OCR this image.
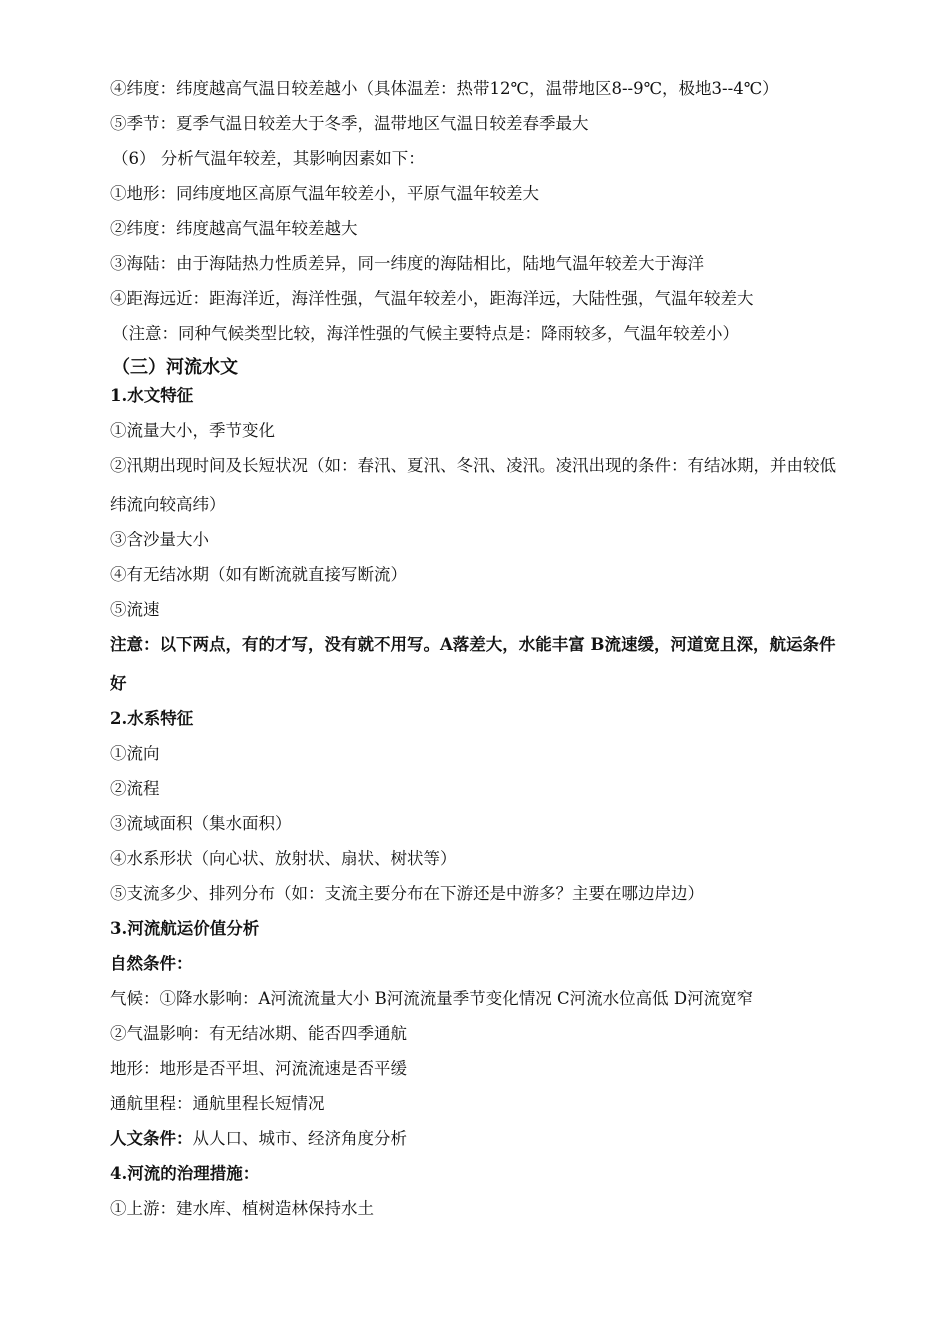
④纬度：纬度越高气温日较差越小（具体温差：热带12℃，温带地区8--9℃，极地3--4℃）
⑤季节：夏季气温日较差大于冬季，温带地区气温日较差春季最大
（6） 分析气温年较差，其影响因素如下：
①地形：同纬度地区高原气温年较差小，平原气温年较差大
②纬度：纬度越高气温年较差越大
③海陆：由于海陆热力性质差异，同一纬度的海陆相比，陆地气温年较差大于海洋
④距海远近：距海洋近，海洋性强，气温年较差小，距海洋远，大陆性强，气温年较差大
（注意：同种气候类型比较，海洋性强的气候主要特点是：降雨较多，气温年较差小）
（三）河流水文
1.水文特征
①流量大小，季节变化
②汛期出现时间及长短状况（如：春汛、夏汛、冬汛、凌汛。凌汛出现的条件：有结冰期，并由较低
纬流向较高纬）
③含沙量大小
④有无结冰期（如有断流就直接写断流）
⑤流速
注意：以下两点，有的才写，没有就不用写。A落差大，水能丰富 B流速缓，河道宽且深，航运条件
好
2.水系特征
①流向
②流程
③流域面积（集水面积）
④水系形状（向心状、放射状、扇状、树状等）
⑤支流多少、排列分布（如：支流主要分布在下游还是中游多？主要在哪边岸边）
3.河流航运价值分析
自然条件：
气候：①降水影响：A河流流量大小 B河流流量季节变化情况 C河流水位高低 D河流宽窄
②气温影响：有无结冰期、能否四季通航
地形：地形是否平坦、河流流速是否平缓
通航里程：通航里程长短情况
人文条件：从人口、城市、经济角度分析
4.河流的治理措施：
①上游：建水库、植树造林保持水土
